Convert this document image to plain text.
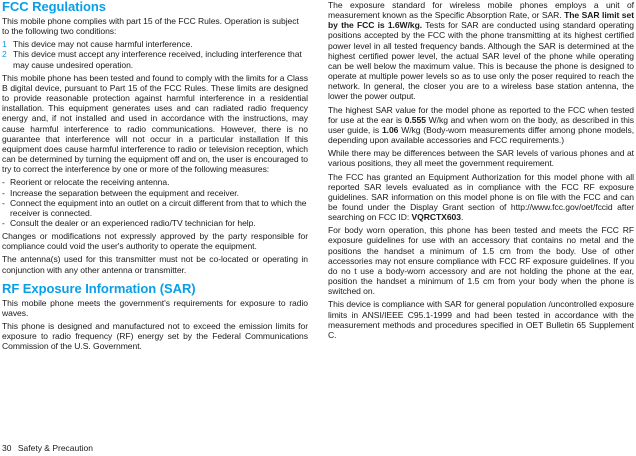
FCC Regulations

This mobile phone complies with part 15 of the FCC Rules. Operation is subject to the following two conditions:

1 This device may not cause harmful interference.
2 This device must accept any interference received, including interference that may cause undesired operation.

This mobile phone has been tested and found to comply with the limits for a Class B digital device, pursuant to Part 15 of the FCC Rules. These limits are designed to provide reasonable protection against harmful interference in a residential installation. This equipment generates uses and can radiated radio frequency energy and, if not installed and used in accordance with the instructions, may cause harmful interference to radio communications. However, there is no guarantee that interference will not occur in a particular installation If this equipment does cause harmful interference to radio or television reception, which can be determined by turning the equipment off and on, the user is encouraged to try to correct the interference by one or more of the following measures:

- Reorient or relocate the receiving antenna.
- Increase the separation between the equipment and receiver.
- Connect the equipment into an outlet on a circuit different from that to which the receiver is connected.
- Consult the dealer or an experienced radio/TV technician for help.

Changes or modifications not expressly approved by the party responsible for compliance could void the user's authority to operate the equipment.

The antenna(s) used for this transmitter must not be co-located or operating in conjunction with any other antenna or transmitter.

RF Exposure Information (SAR)

This mobile phone meets the government's requirements for exposure to radio waves.

This phone is designed and manufactured not to exceed the emission limits for exposure to radio frequency (RF) energy set by the Federal Communications Commission of the U.S. Government.

The exposure standard for wireless mobile phones employs a unit of measurement known as the Specific Absorption Rate, or SAR. The SAR limit set by the FCC is 1.6W/kg. Tests for SAR are conducted using standard operating positions accepted by the FCC with the phone transmitting at its highest certified power level in all tested frequency bands. Although the SAR is determined at the highest certified power level, the actual SAR level of the phone while operating can be well below the maximum value. This is because the phone is designed to operate at multiple power levels so as to use only the poser required to reach the network. In general, the closer you are to a wireless base station antenna, the lower the power output.

The highest SAR value for the model phone as reported to the FCC when tested for use at the ear is 0.555 W/kg and when worn on the body, as described in this user guide, is 1.06 W/kg (Body-worn measurements differ among phone models, depending upon available accessories and FCC requirements.)

While there may be differences between the SAR levels of various phones and at various positions, they all meet the government requirement.

The FCC has granted an Equipment Authorization for this model phone with all reported SAR levels evaluated as in compliance with the FCC RF exposure guidelines. SAR information on this model phone is on file with the FCC and can be found under the Display Grant section of http://www.fcc.gov/oet/fccid after searching on FCC ID: VQRCTX603.

For body worn operation, this phone has been tested and meets the FCC RF exposure guidelines for use with an accessory that contains no metal and the positions the handset a minimum of 1.5 cm from the body. Use of other accessories may not ensure compliance with FCC RF exposure guidelines. If you do no t use a body-worn accessory and are not holding the phone at the ear, position the handset a minimum of 1.5 cm from your body when the phone is switched on.

This device is compliance with SAR for general population /uncontrolled exposure limits in ANSI/IEEE C95.1-1999 and had been tested in accordance with the measurement methods and procedures specified in OET Bulletin 65 Supplement C.

30 Safety & Precaution
